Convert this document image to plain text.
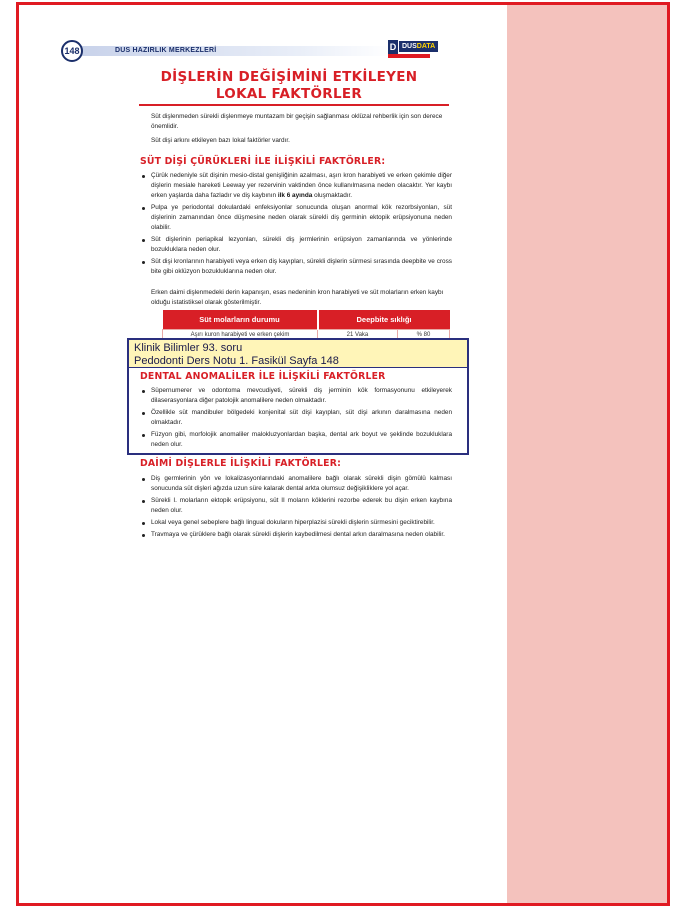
148	DUS HAZIRLIK MERKEZLERİ	D DUSDATA
DİŞLERİN DEĞİŞİMİNİ ETKİLEYEN
LOKAL FAKTÖRLER
Süt dişlenmeden sürekli dişlenmeye muntazam bir geçişin sağlanması oklüzal rehberlik için son derece önemlidir.
Süt dişi arkını etkileyen bazı lokal faktörler vardır.
SÜT DİŞİ ÇÜRÜKLERİ İLE İLİŞKİLİ FAKTÖRLER:
Çürük nedeniyle süt dişinin mesio-distal genişliğinin azalması, aşırı kron harabiyeti ve erken çekimle diğer dişlerin mesiale hareketi Leeway yer rezervinin vaktinden önce kullanılmasına neden olacaktır. Yer kaybı erken yaşlarda daha fazladır ve diş kaybının ilk 6 ayında oluşmaktadır.
Pulpa ye periodontal dokulardaki enfeksiyonlar sonucunda oluşan anormal kök rezorbsiyonları, süt dişlerinin zamanından önce düşmesine neden olarak sürekli diş germinin ektopik erüpsiyonuna neden olabilir.
Süt dişlerinin periapikal lezyonları, sürekli diş jermlerinin erüpsiyon zamanlarında ve yönlerinde bozukluklara neden olur.
Süt dişi kronlarının harabiyeti veya erken diş kayıpları, sürekli dişlerin sürmesi sırasında deepbite ve cross bite gibi oklüzyon bozukluklarına neden olur.
Erken daimi dişlenmedeki derin kapanışın, esas nedeninin kron harabiyeti ve süt molarların erken kaybı olduğu istatistiksel olarak gösterilmiştir.
Süt molarların durumu	Deepbite sıklığı	
Aşırı kuron harabiyeti ve erken çekim	21 Vaka	% 80
DENTAL ANOMALİLER İLE İLİŞKİLİ FAKTÖRLER
Süpernumerer ve odontoma mevcudiyeti, sürekli diş jerminin kök formasyonunu etkileyerek dilaserasyonlara diğer patolojik anomalilere neden olmaktadır.
Özellikle süt mandibuler bölgedeki konjenital süt dişi kayıpları, süt dişi arkının daralmasına neden olmaktadır.
Füzyon gibi, morfolojik anomaliler malokluzyonlardan başka, dental ark boyut ve şeklinde bozukluklara neden olur.
DAİMİ DİŞLERLE İLİŞKİLİ FAKTÖRLER:
Diş germlerinin yön ve lokalizasyonlarındaki anomalilere bağlı olarak sürekli dişin gömülü kalması sonucunda süt dişleri ağızda uzun süre kalarak dental arkta olumsuz değişikliklere yol açar.
Sürekli I. molarların ektopik erüpsiyonu, süt II moların köklerini rezorbe ederek bu dişin erken kaybına neden olur.
Lokal veya genel sebeplere bağlı lingual dokuların hiperplazisi sürekli dişlerin sürmesini geciktirebilir.
Travmaya ve çürüklere bağlı olarak sürekli dişlerin kaybedilmesi dental arkın daralmasına neden olabilir.
Klinik Bilimler 93. soru
Pedodonti Ders Notu 1. Fasikül Sayfa 148
